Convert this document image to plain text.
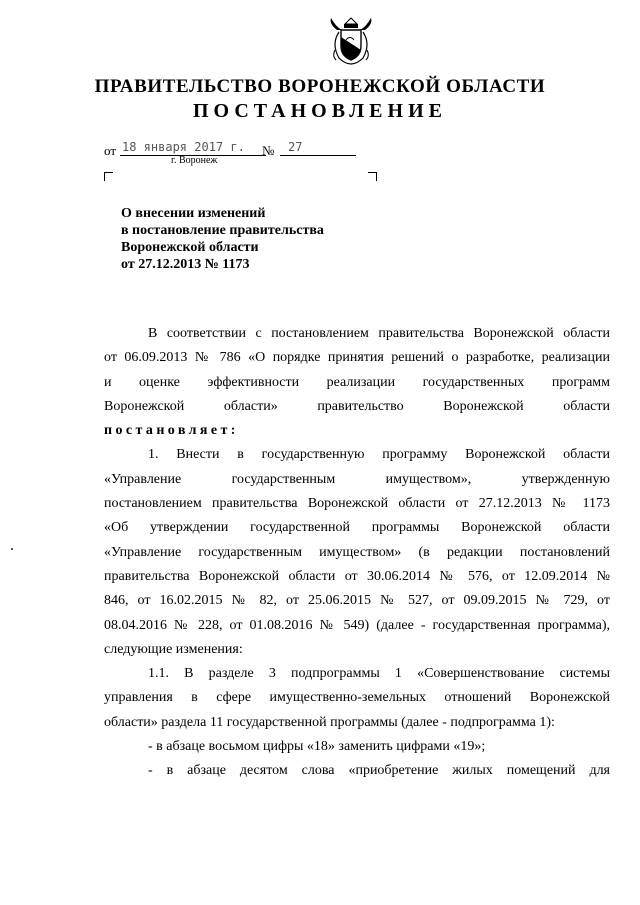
ПРАВИТЕЛЬСТВО ВОРОНЕЖСКОЙ ОБЛАСТИ
ПОСТАНОВЛЕНИЕ
от 18 января 2017 г.	№	27
г. Воронеж
О внесении изменений
в постановление правительства
Воронежской области
от 27.12.2013 № 1173
В соответствии с постановлением правительства Воронежской области
от 06.09.2013 № 786 «О порядке принятия решений о разработке, реализации
и оценке эффективности реализации государственных программ
Воронежской области» правительство Воронежской области
постановляет:
1. Внести в государственную программу Воронежской области
«Управление государственным имуществом», утвержденную
постановлением правительства Воронежской области от 27.12.2013 № 1173
«Об утверждении государственной программы Воронежской области
«Управление государственным имуществом» (в редакции постановлений
правительства Воронежской области от 30.06.2014 № 576, от 12.09.2014 №
846, от 16.02.2015 № 82, от 25.06.2015 № 527, от 09.09.2015 № 729, от
08.04.2016 № 228, от 01.08.2016 № 549) (далее - государственная программа),
следующие изменения:
1.1. В разделе 3 подпрограммы 1 «Совершенствование системы
управления в сфере имущественно-земельных отношений Воронежской
области» раздела 11 государственной программы (далее - подпрограмма 1):
- в абзаце восьмом цифры «18» заменить цифрами «19»;
- в абзаце десятом слова «приобретение жилых помещений для
